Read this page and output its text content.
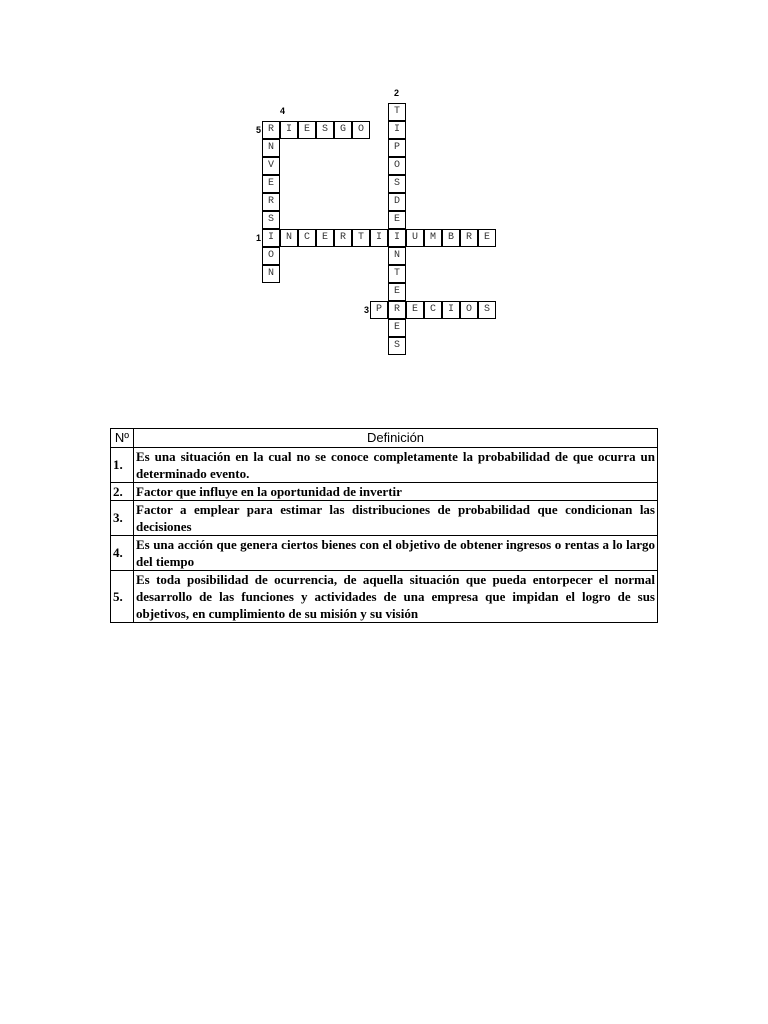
1
2
3
4
5
I	N	C	E	R	T	I	I	U	M	B	R	E
T
I
P
O
S
D
E
N
T
E
R
E
S
P	E	C	I	O	S
R
N
V
E
R
S
O
N
I	E	S	G	O
Nº	Definición
1.	Es una situación en la cual no se conoce completamente la probabilidad de que ocurra un determinado evento.
2.	Factor que influye en la oportunidad de invertir
3.	Factor a emplear para estimar las distribuciones de probabilidad que condicionan las decisiones
4.	Es una acción que genera ciertos bienes con el objetivo de obtener ingresos o rentas a lo largo del tiempo
5.	Es toda posibilidad de ocurrencia, de aquella situación que pueda entorpecer el normal desarrollo de las funciones y actividades de una empresa que impidan el logro de sus objetivos, en cumplimiento de su misión y su visión
